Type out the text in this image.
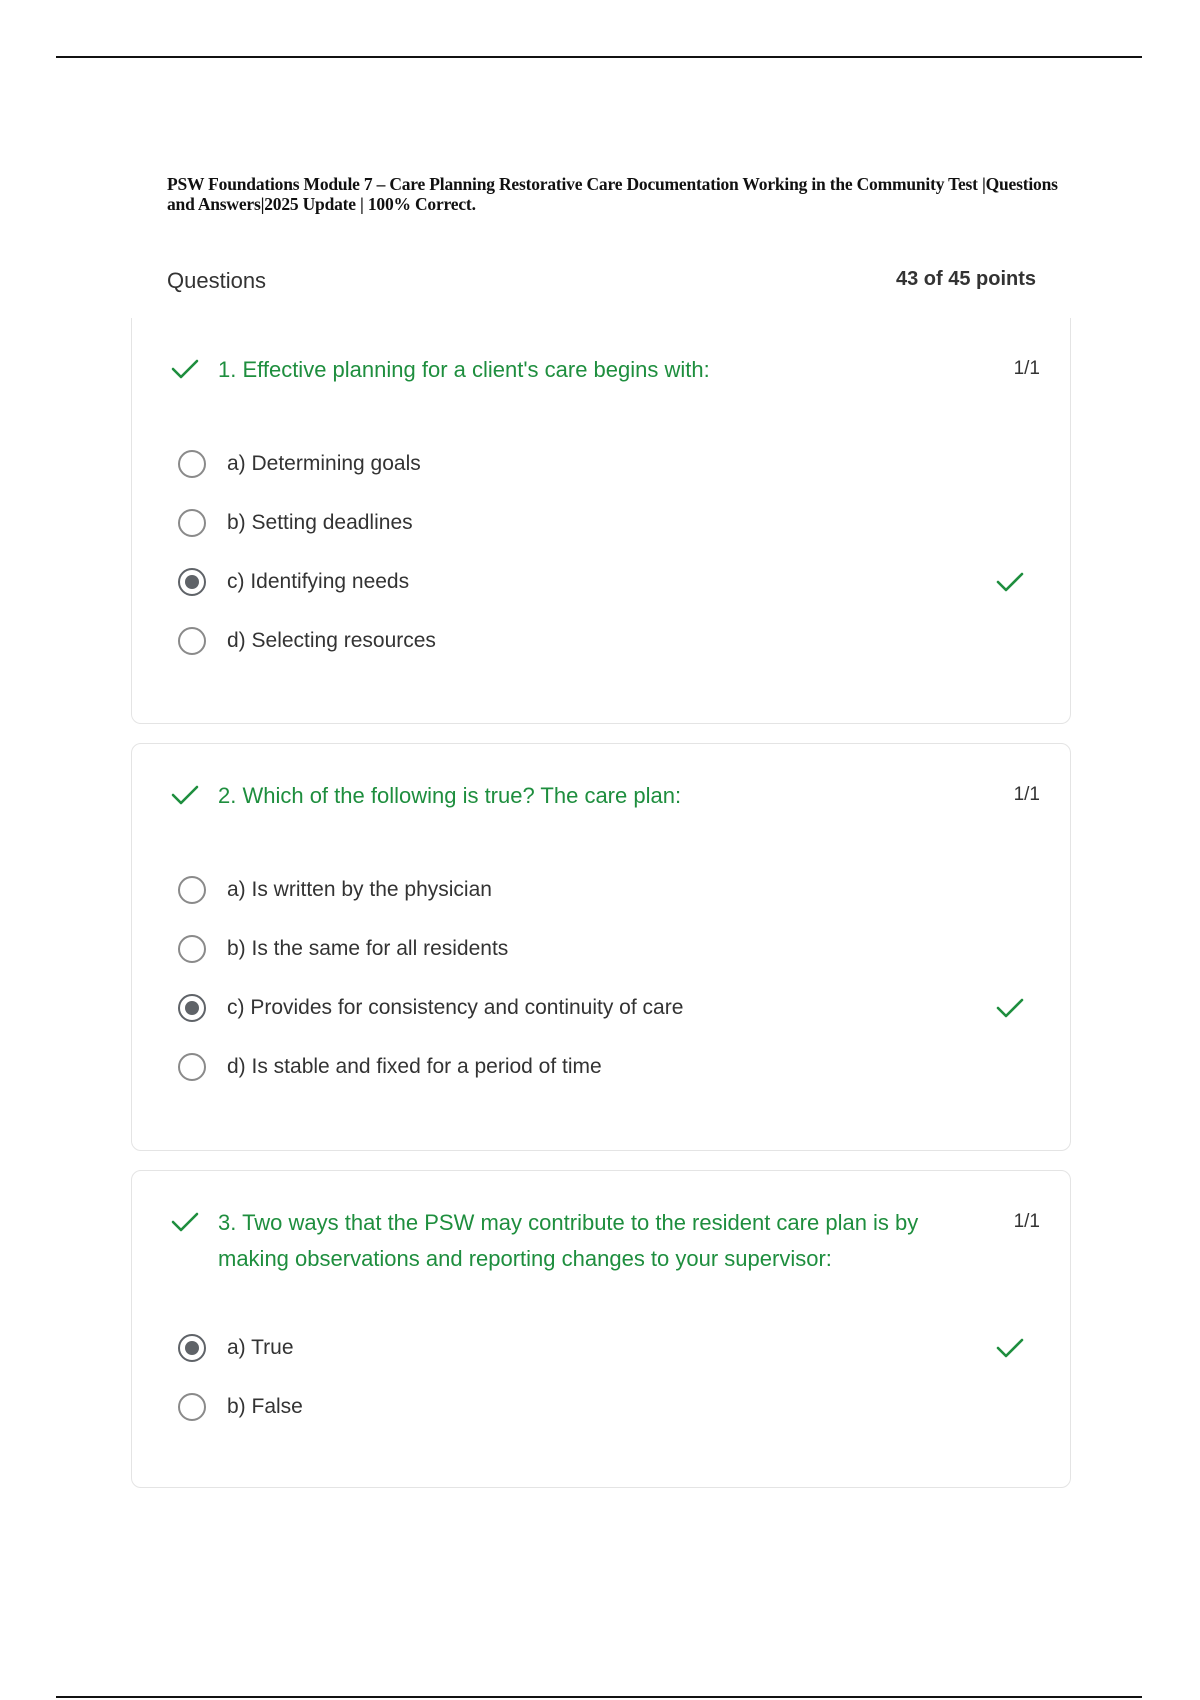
PSW Foundations Module 7 – Care Planning Restorative Care Documentation Working in the Community Test |Questions and Answers|2025 Update | 100% Correct.
Questions	43 of 45 points
1. Effective planning for a client's care begins with:	1/1
a) Determining goals
b) Setting deadlines
c) Identifying needs
d) Selecting resources
2. Which of the following is true? The care plan:	1/1
a) Is written by the physician
b) Is the same for all residents
c) Provides for consistency and continuity of care
d) Is stable and fixed for a period of time
3. Two ways that the PSW may contribute to the resident care plan is by making observations and reporting changes to your supervisor:
1/1
a) True
b) False
